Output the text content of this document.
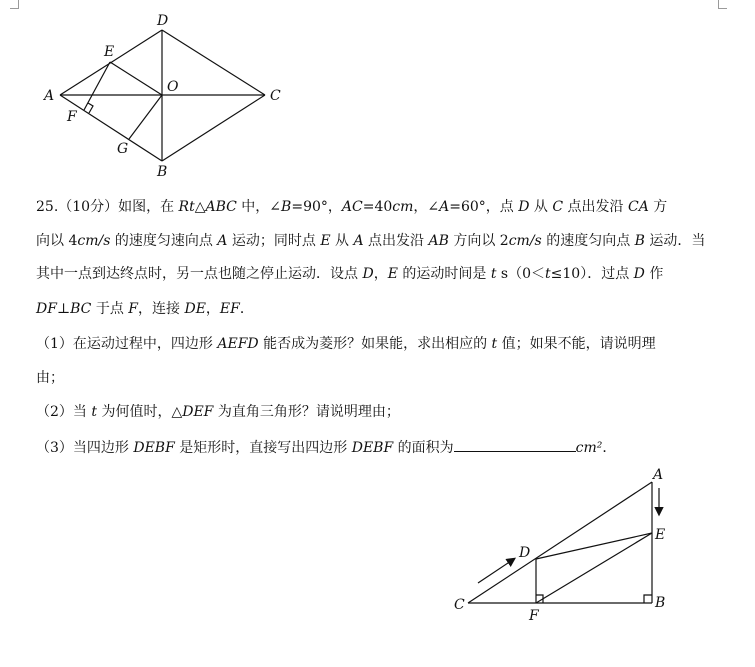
A
D
E
O
C
F
G
B
25.（10分）如图，在 Rt△ABC 中，∠B=90°，AC=40cm，∠A=60°，点 D 从 C 点出发沿 CA 方
向以 4cm/s 的速度匀速向点 A 运动；同时点 E 从 A 点出发沿 AB 方向以 2cm/s 的速度匀向点 B 运动．当
其中一点到达终点时，另一点也随之停止运动．设点 D，E 的运动时间是 t s（0＜t≤10）．过点 D 作
DF⊥BC 于点 F，连接 DE，EF．
（1）在运动过程中，四边形 AEFD 能否成为菱形？如果能，求出相应的 t 值；如果不能，请说明理
由；
（2）当 t 为何值时，△DEF 为直角三角形？请说明理由；
（3）当四边形 DEBF 是矩形时，直接写出四边形 DEBF 的面积为	cm²．
A
D
E
C	B
F
